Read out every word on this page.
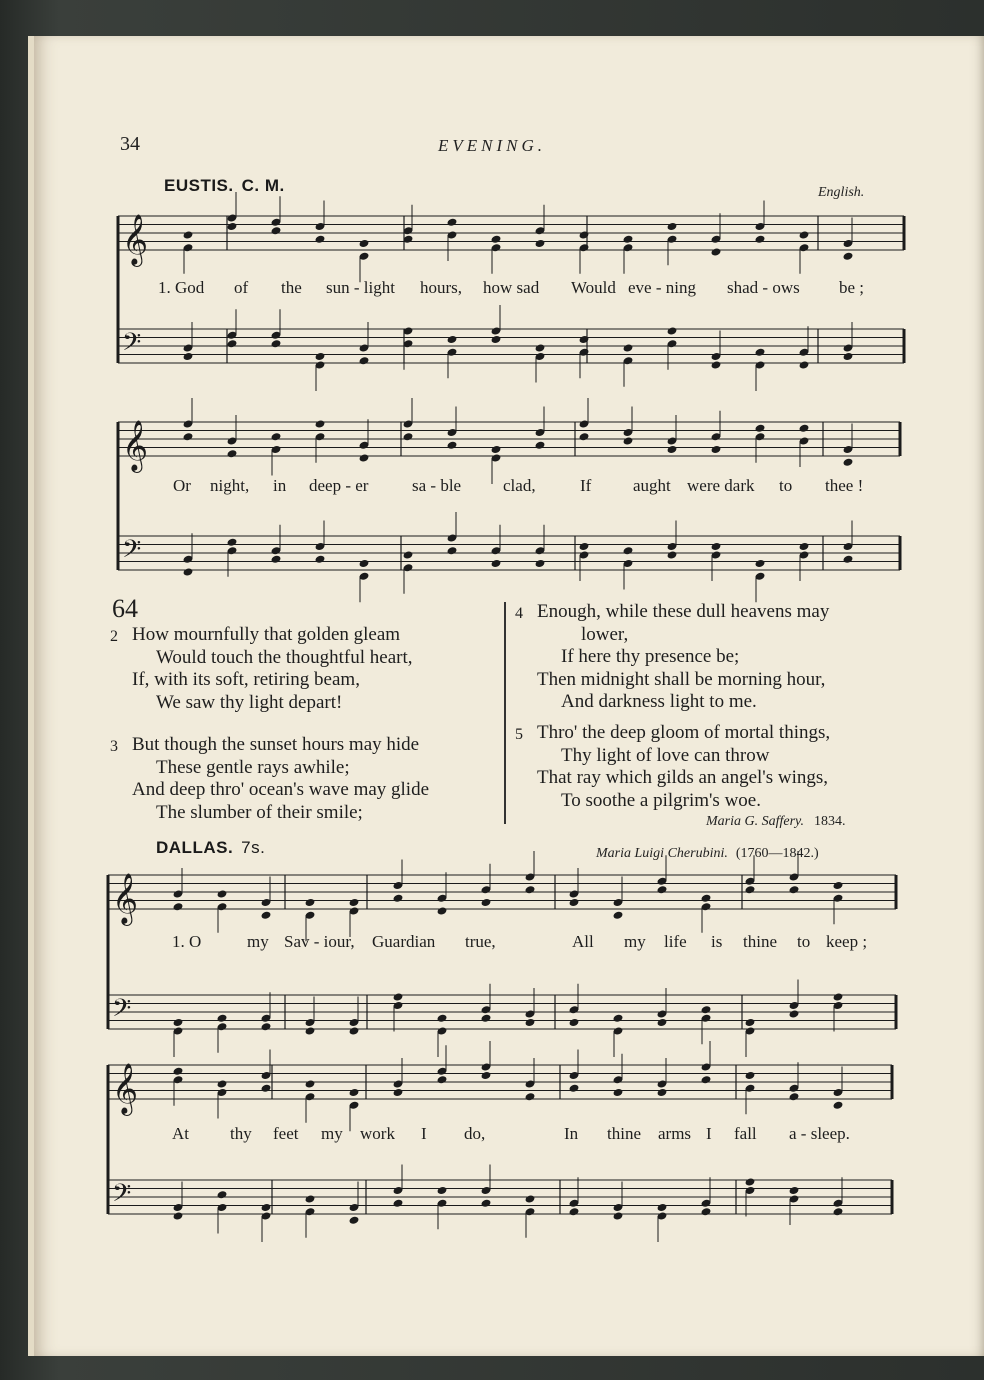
34	EVENING.
EUSTIS. C. M.	English.
𝄞
𝄢
𝄞
𝄢
𝄞
𝄢
𝄞
𝄢
1. God of the sun - light hours, how sad Would eve - ning shad - ows be ;
Or night, in deep - er	sa - ble clad,	If aught were dark to thee !
64
2 How mournfully that golden gleam
Would touch the thoughtful heart,
If, with its soft, retiring beam,
We saw thy light depart!
3 But though the sunset hours may hide
These gentle rays awhile;
And deep thro' ocean's wave may glide
The slumber of their smile;
4 Enough, while these dull heavens may
lower,
If here thy presence be;
Then midnight shall be morning hour,
And darkness light to me.
5 Thro' the deep gloom of mortal things,
Thy light of love can throw
That ray which gilds an angel's wings,
To soothe a pilgrim's woe.
Maria G. Saffery. 1834.
DALLAS. 7s.	Maria Luigi Cherubini. (1760—1842.)
1. O	my Sav - iour, Guardian true,	All my life is thine to keep ;
At thy feet my work I do,	In thine arms I fall a - sleep.
